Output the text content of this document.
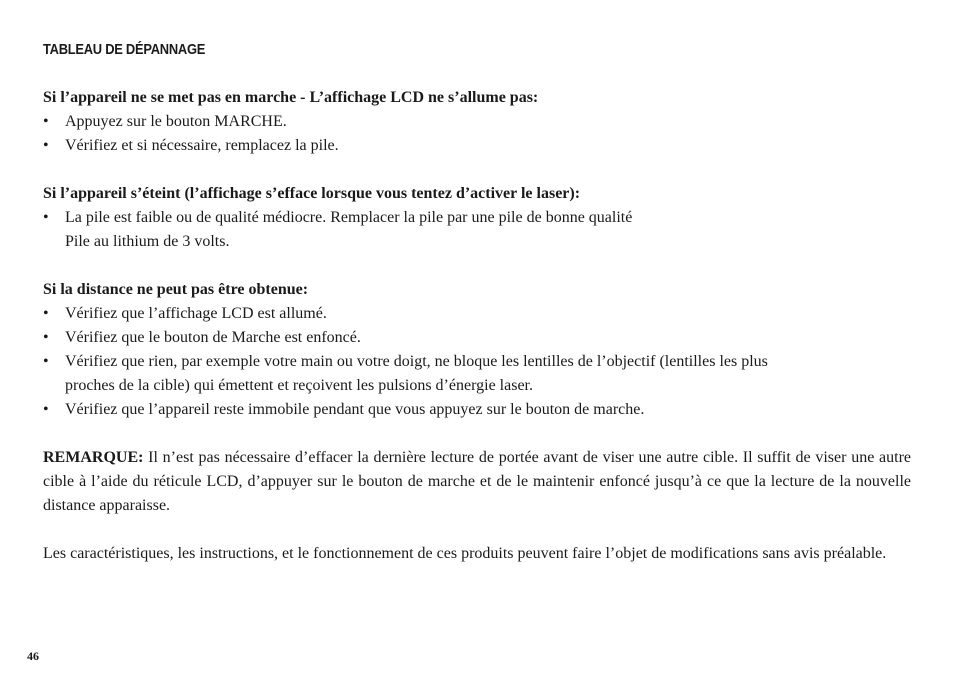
TABLEAU DE DÉPANNAGE
Si l’appareil ne se met pas en marche - L’affichage LCD ne s’allume pas:
• Appuyez sur le bouton MARCHE.
• Vérifiez et si nécessaire, remplacez la pile.
Si l’appareil s’éteint (l’affichage s’efface lorsque vous tentez d’activer le laser):
• La pile est faible ou de qualité médiocre. Remplacer la pile par une pile de bonne qualité
Pile au lithium de 3 volts.
Si la distance ne peut pas être obtenue:
• Vérifiez que l’affichage LCD est allumé.
• Vérifiez que le bouton de Marche est enfoncé.
• Vérifiez que rien, par exemple votre main ou votre doigt, ne bloque les lentilles de l’objectif (lentilles les plus
proches de la cible) qui émettent et reçoivent les pulsions d’énergie laser.
• Vérifiez que l’appareil reste immobile pendant que vous appuyez sur le bouton de marche.

REMARQUE: Il n’est pas nécessaire d’effacer la dernière lecture de portée avant de viser une autre cible. Il suffit de viser une autre cible à l’aide du réticule LCD, d’appuyer sur le bouton de marche et de le maintenir enfoncé jusqu’à ce que la lecture de la nouvelle distance apparaisse.

Les caractéristiques, les instructions, et le fonctionnement de ces produits peuvent faire l’objet de modifications sans avis préalable.

46
